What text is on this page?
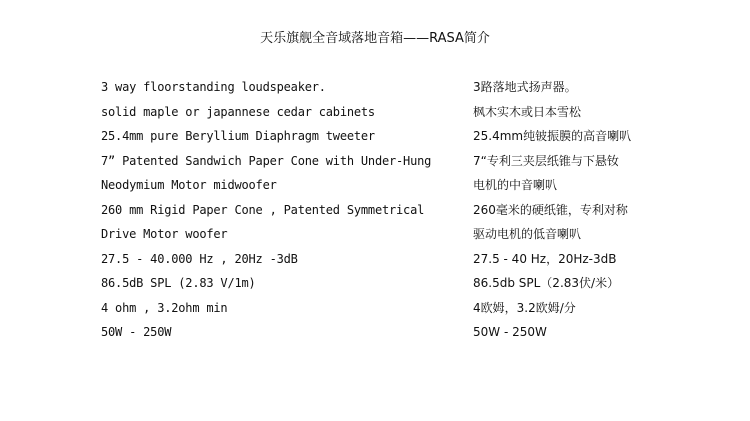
天乐旗舰全音域落地音箱——RASA简介
3 way floorstanding loudspeaker.	3路落地式扬声器。
solid maple or japannese cedar cabinets	枫木实木或日本雪松
25.4mm pure Beryllium Diaphragm tweeter	25.4mm纯铍振膜的高音喇叭
7” Patented Sandwich Paper Cone with Under-Hung	7“专利三夹层纸锥与下悬钕
Neodymium Motor midwoofer	电机的中音喇叭
260 mm Rigid Paper Cone , Patented Symmetrical	260毫米的硬纸锥，专利对称
Drive Motor woofer	驱动电机的低音喇叭
27.5 - 40.000 Hz , 20Hz -3dB	27.5 - 40 Hz，20Hz-3dB
86.5dB SPL (2.83 V/1m)	86.5db SPL（2.83伏/米）
4 ohm , 3.2ohm min	4欧姆，3.2欧姆/分
50W - 250W	50W - 250W
